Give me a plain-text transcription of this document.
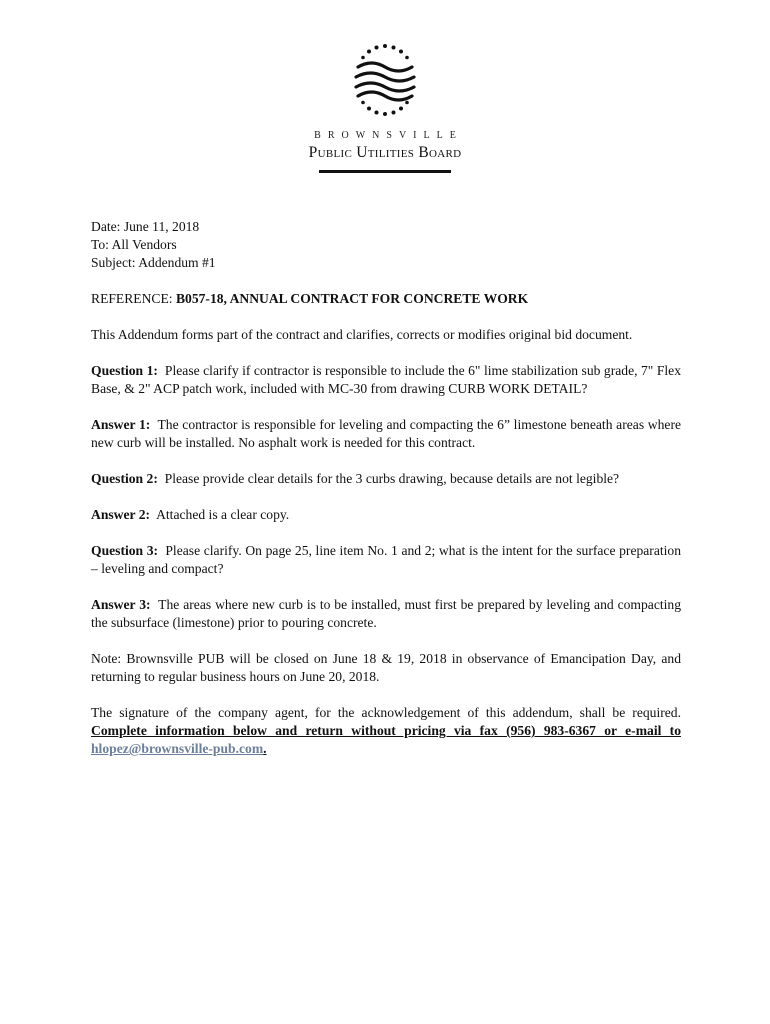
BROWNSVILLE
Public Utilities Board

Date: June 11, 2018

To: All Vendors

Subject: Addendum #1

REFERENCE: B057-18, ANNUAL CONTRACT FOR CONCRETE WORK

This Addendum forms part of the contract and clarifies, corrects or modifies original bid document.

Question 1: Please clarify if contractor is responsible to include the 6" lime stabilization sub grade, 7" Flex Base, & 2" ACP patch work, included with MC-30 from drawing CURB WORK DETAIL?

Answer 1: The contractor is responsible for leveling and compacting the 6” limestone beneath areas where new curb will be installed. No asphalt work is needed for this contract.

Question 2: Please provide clear details for the 3 curbs drawing, because details are not legible?

Answer 2: Attached is a clear copy.

Question 3: Please clarify. On page 25, line item No. 1 and 2; what is the intent for the surface preparation – leveling and compact?

Answer 3: The areas where new curb is to be installed, must first be prepared by leveling and compacting the subsurface (limestone) prior to pouring concrete.

Note: Brownsville PUB will be closed on June 18 & 19, 2018 in observance of Emancipation Day, and returning to regular business hours on June 20, 2018.

The signature of the company agent, for the acknowledgement of this addendum, shall be required. Complete information below and return without pricing via fax (956) 983-6367 or e-mail to hlopez@brownsville-pub.com.
